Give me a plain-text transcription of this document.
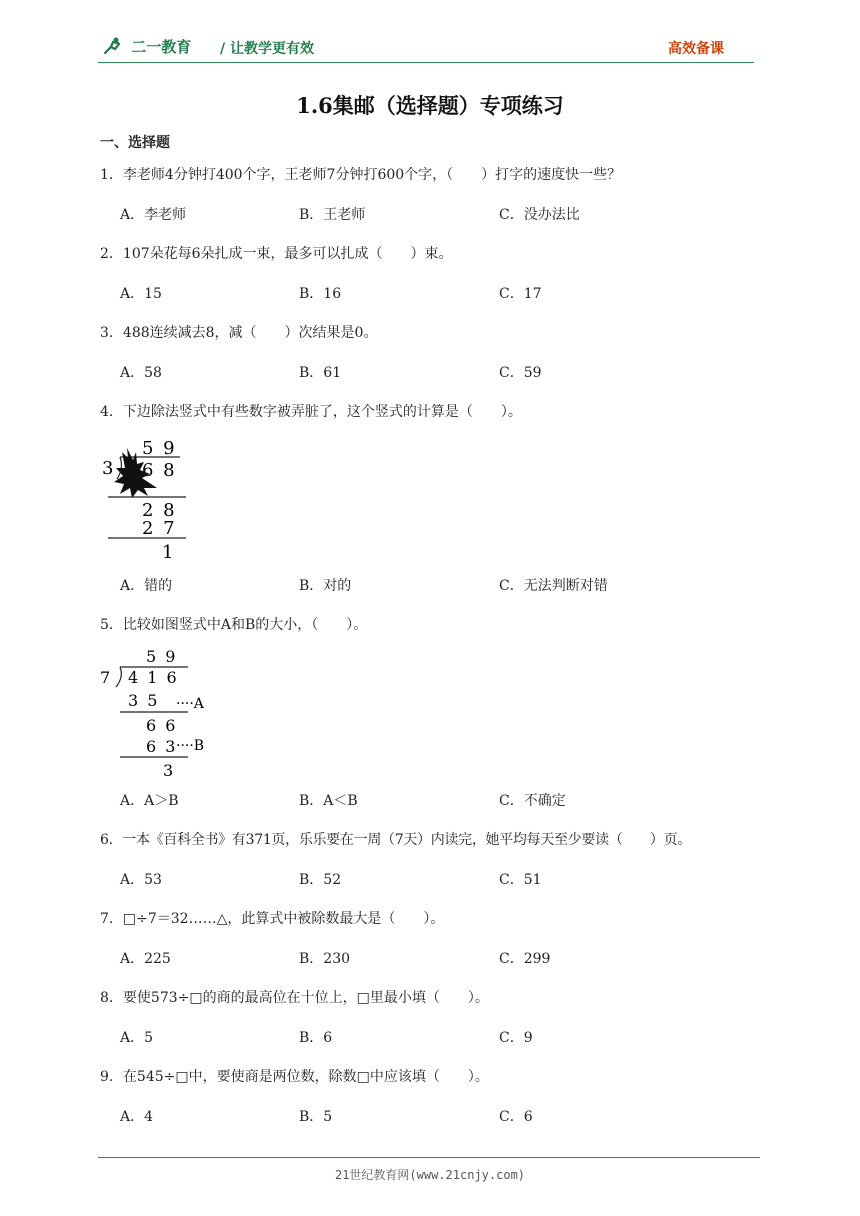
二一教育 / 让教学更有效	高效备课
1.6集邮（选择题）专项练习
一、选择题
1．李老师4分钟打400个字，王老师7分钟打600个字，（　　）打字的速度快一些？
A．李老师	B．王老师	C．没办法比
2．107朵花每6朵扎成一束，最多可以扎成（　　）束。
A．15	B．16	C．17
3．488连续减去8，减（　　）次结果是0。
A．58	B．61	C．59
4．下边除法竖式中有些数字被弄脏了，这个竖式的计算是（　　）。
5 9
3 6 8
2 8
2 7
1
A．错的	B．对的	C．无法判断对错
5．比较如图竖式中A和B的大小，（　　）。
5 9
7 4 1 6
3 5 ····A
6 6
6 3
····B
3
A．A＞B	B．A＜B	C．不确定
6．一本《百科全书》有371页，乐乐要在一周（7天）内读完，她平均每天至少要读（　　）页。
A．53	B．52	C．51
7．□÷7＝32……△，此算式中被除数最大是（　　）。
A．225	B．230	C．299
8．要使573÷□的商的最高位在十位上，□里最小填（　　）。
A．5	B．6	C．9
9．在545÷□中，要使商是两位数，除数□中应该填（　　）。
A．4	B．5	C．6
21世纪教育网(www.21cnjy.com)
